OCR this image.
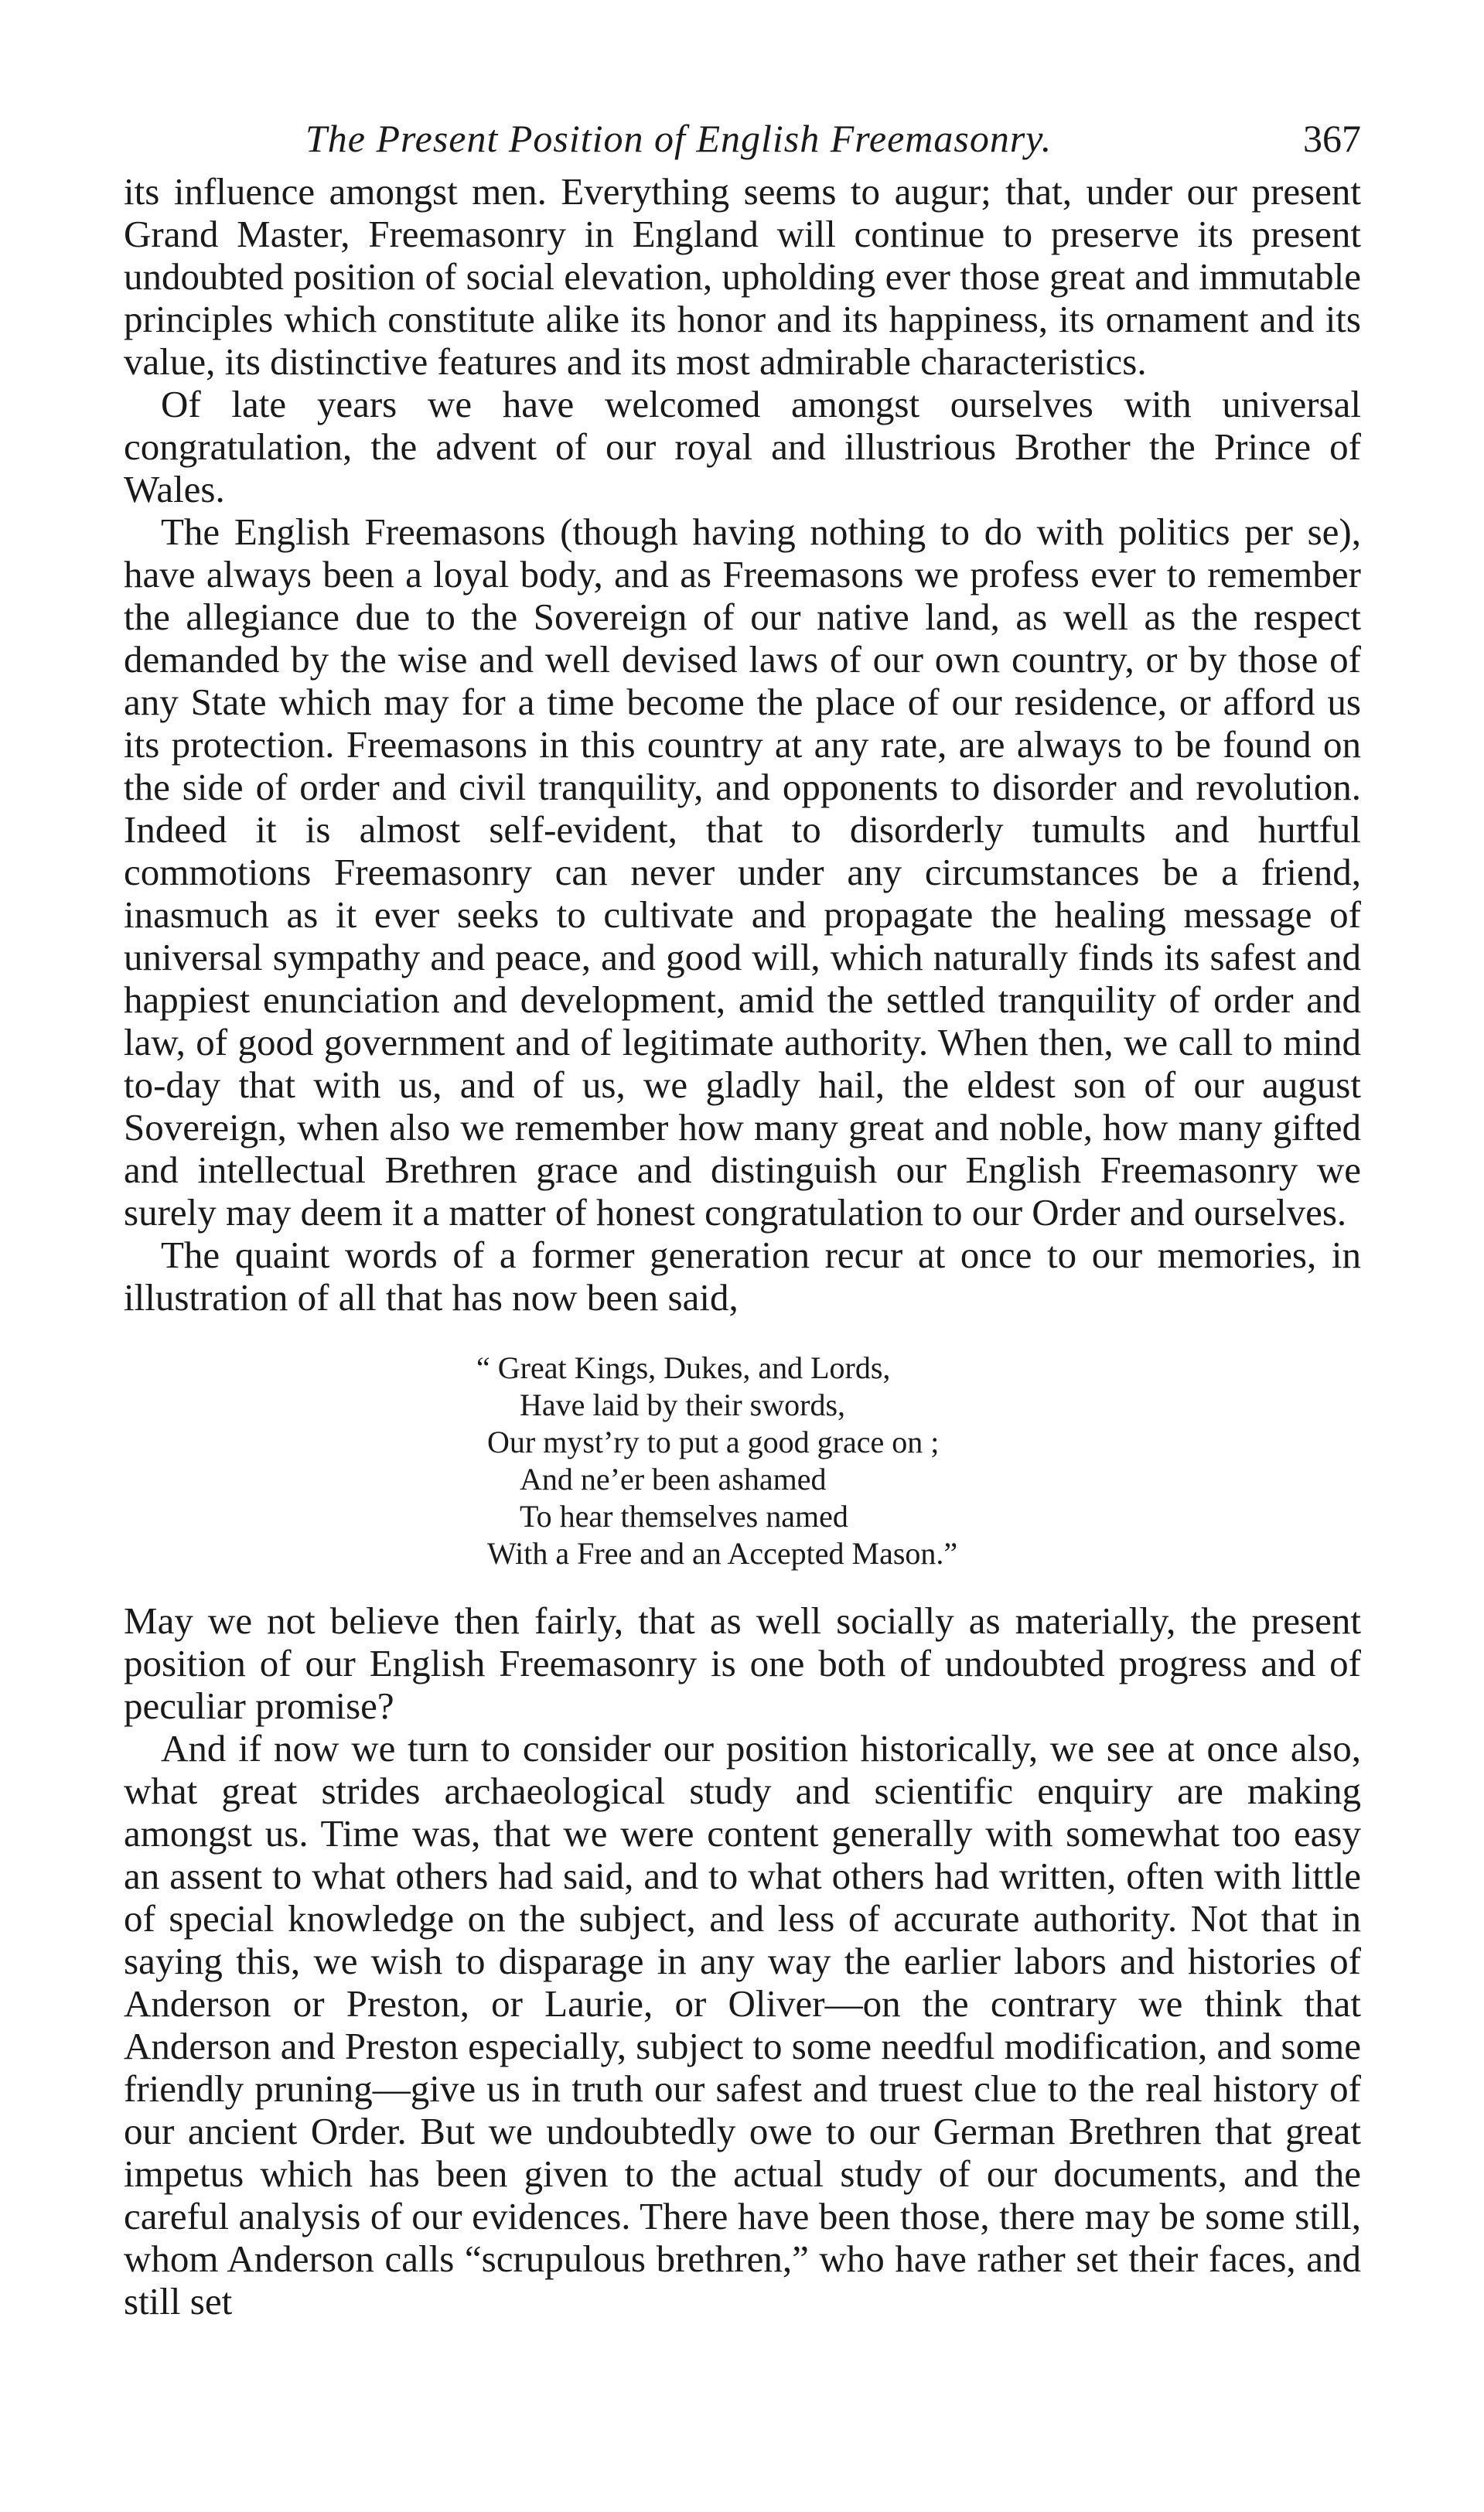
The Present Position of English Freemasonry.	367

its influence amongst men. Everything seems to augur; that, under our present Grand Master, Freemasonry in England will continue to preserve its present undoubted position of social elevation, upholding ever those great and immutable principles which constitute alike its honor and its happiness, its ornament and its value, its distinctive features and its most admirable characteristics.

Of late years we have welcomed amongst ourselves with universal congratulation, the advent of our royal and illustrious Brother the Prince of Wales.

The English Freemasons (though having nothing to do with politics per se), have always been a loyal body, and as Freemasons we profess ever to remember the allegiance due to the Sovereign of our native land, as well as the respect demanded by the wise and well devised laws of our own country, or by those of any State which may for a time become the place of our residence, or afford us its protection. Freemasons in this country at any rate, are always to be found on the side of order and civil tranquility, and opponents to disorder and revolution. Indeed it is almost self-evident, that to disorderly tumults and hurtful commotions Freemasonry can never under any circumstances be a friend, inasmuch as it ever seeks to cultivate and propagate the healing message of universal sympathy and peace, and good will, which naturally finds its safest and happiest enunciation and development, amid the settled tranquility of order and law, of good government and of legitimate authority. When then, we call to mind to-day that with us, and of us, we gladly hail, the eldest son of our august Sovereign, when also we remember how many great and noble, how many gifted and intellectual Brethren grace and distinguish our English Freemasonry we surely may deem it a matter of honest congratulation to our Order and ourselves.

The quaint words of a former generation recur at once to our memories, in illustration of all that has now been said,

“ Great Kings, Dukes, and Lords,
Have laid by their swords,
Our myst’ry to put a good grace on ;
And ne’er been ashamed
To hear themselves named
With a Free and an Accepted Mason.”

May we not believe then fairly, that as well socially as materially, the present position of our English Freemasonry is one both of undoubted progress and of peculiar promise?

And if now we turn to consider our position historically, we see at once also, what great strides archaeological study and scientific enquiry are making amongst us. Time was, that we were content generally with somewhat too easy an assent to what others had said, and to what others had written, often with little of special knowledge on the subject, and less of accurate authority. Not that in saying this, we wish to disparage in any way the earlier labors and histories of Anderson or Preston, or Laurie, or Oliver—on the contrary we think that Anderson and Preston especially, subject to some needful modification, and some friendly pruning—give us in truth our safest and truest clue to the real history of our ancient Order. But we undoubtedly owe to our German Brethren that great impetus which has been given to the actual study of our documents, and the careful analysis of our evidences. There have been those, there may be some still, whom Anderson calls “scrupulous brethren,” who have rather set their faces, and still set
